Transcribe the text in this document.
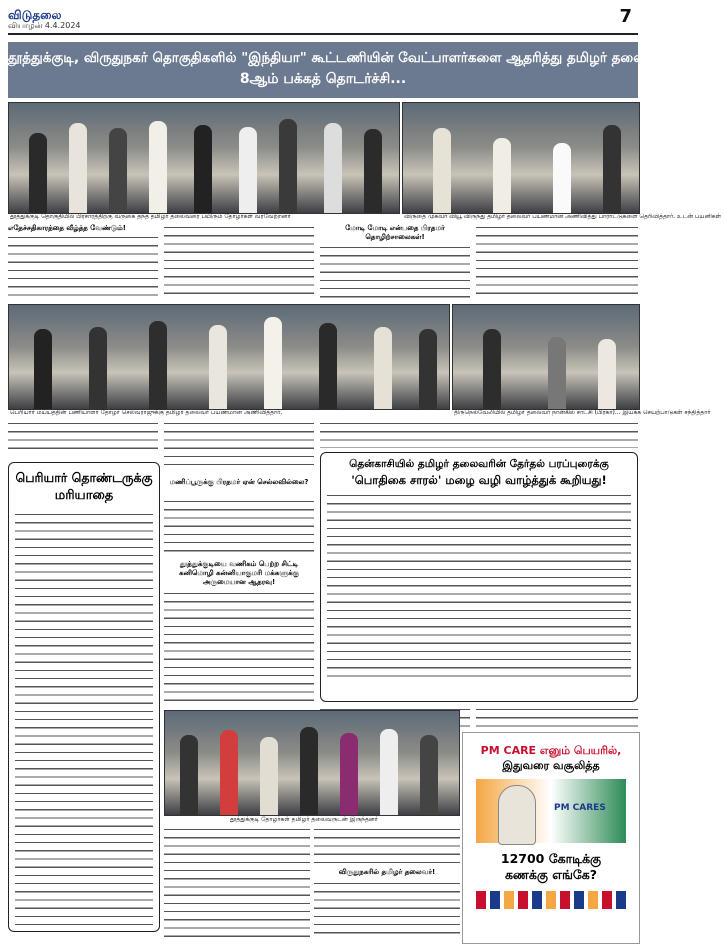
விடுதலை
வியாழன் 4.4.2024	7
தூத்துக்குடி, விருதுநகர் தொகுதிகளில் "இந்தியா" கூட்டணியின் வேட்பாளர்களை ஆதரித்து தமிழர் தலைவர் பரப்புரை
8ஆம் பக்கத் தொடர்ச்சி...
தூத்துக்குடி தொகுதியில் பிரசாரத்திற்கு வருகை தந்த தமிழர் தலைவரை பயிரும் தோழர்கள் வரவேற்றனர்	விருதை முகவர் வியூ விருந்து தமிழர் தலைவர் பயணமான அணிவித்து பாராட்டுகளை தெரிவித்தார். உடன் பயனிகள்
எதேச்சதிகாரத்தை வீழ்த்த வேண்டும்!	மோடி மோடி என்பதை பிரதமர் தொழிற்சாலைகள்!
பெரியார் மய்யத்தின் பணியாளர் தோழர் செல்வராஜுக்கு தமிழர் தலைவர் பயணமான அணிவித்தார்.	திருநெல்வேலியில் தமிழர் தலைவர் நான்கில் சாட்சி (பிரகா)... இயக்க செயற்பாடுகள் சந்தித்தார்
பெரியார் தொண்டருக்கு
மரியாதை
மணிப்பூருக்கு பிரதமர் ஏன் செல்லவில்லை?
தூத்துக்குடியை வணிகம் பெற்ற சிட்டி கனிமொழி கன்னியாகுமரி மக்களுக்கு அருமையான ஆதரவு!
தென்காசியில் தமிழர் தலைவரின் தேர்தல் பரப்புரைக்கு
'பொதிகை சாரல்' மழை வழி வாழ்த்துக் கூறியது!
தூத்துக்குடி தோழர்கள் தமிழர் தலைவருடன் இருந்தனர்
விருதுநகரில் தமிழர் தலைவர்!
PM CARE எனும் பெயரில்,
இதுவரை வசூலித்த
PM CARES
12700 கோடிக்கு
கணக்கு எங்கே?
